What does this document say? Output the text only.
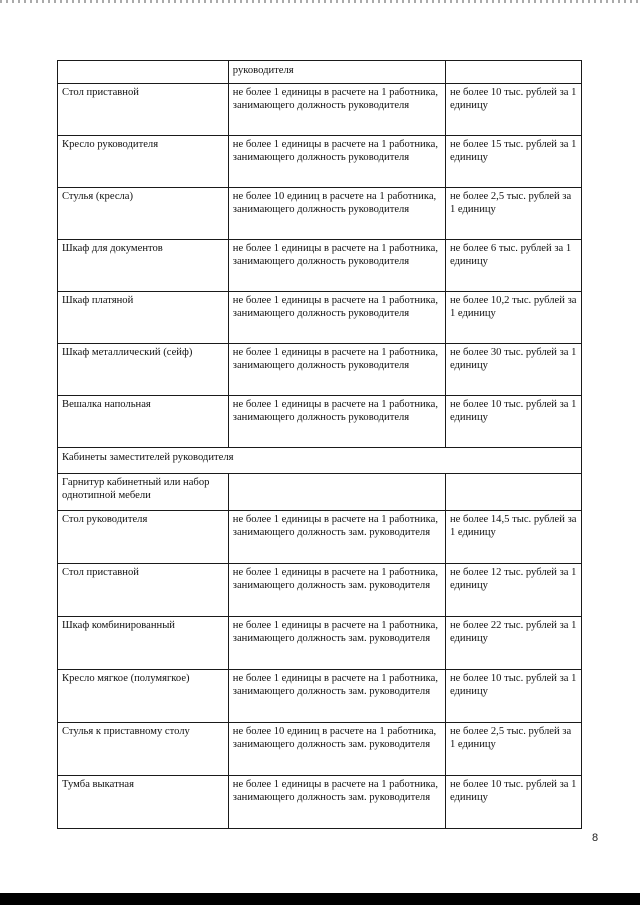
	руководителя	
Стол приставной	не более 1 единицы в расчете на 1 работника, занимающего должность руководителя	не более 10 тыс. рублей за 1 единицу
Кресло руководителя	не более 1 единицы в расчете на 1 работника, занимающего должность руководителя	не более 15 тыс. рублей за 1 единицу
Стулья (кресла)	не более 10 единиц в расчете на 1 работника, занимающего должность руководителя	не более 2,5 тыс. рублей за 1 единицу
Шкаф для документов	не более 1 единицы в расчете на 1 работника, занимающего должность руководителя	не более 6 тыс. рублей за 1 единицу
Шкаф платяной	не более 1 единицы в расчете на 1 работника, занимающего должность руководителя	не более 10,2 тыс. рублей за 1 единицу
Шкаф металлический (сейф)	не более 1 единицы в расчете на 1 работника, занимающего должность руководителя	не более 30 тыс. рублей за 1 единицу
Вешалка напольная	не более 1 единицы в расчете на 1 работника, занимающего должность руководителя	не более 10 тыс. рублей за 1 единицу
Кабинеты заместителей руководителя		
Гарнитур кабинетный или набор однотипной мебели		
Стол руководителя	не более 1 единицы в расчете на 1 работника, занимающего должность зам. руководителя	не более 14,5 тыс. рублей за 1 единицу
Стол приставной	не более 1 единицы в расчете на 1 работника, занимающего должность зам. руководителя	не более 12 тыс. рублей за 1 единицу
Шкаф комбинированный	не более 1 единицы в расчете на 1 работника, занимающего должность зам. руководителя	не более 22 тыс. рублей за 1 единицу
Кресло мягкое (полумягкое)	не более 1 единицы в расчете на 1 работника, занимающего должность зам. руководителя	не более 10 тыс. рублей за 1 единицу
Стулья к приставному столу	не более 10 единиц в расчете на 1 работника, занимающего должность зам. руководителя	не более 2,5 тыс. рублей за 1 единицу
Тумба выкатная	не более 1 единицы в расчете на 1 работника, занимающего должность зам. руководителя	не более 10 тыс. рублей за 1 единицу
8
